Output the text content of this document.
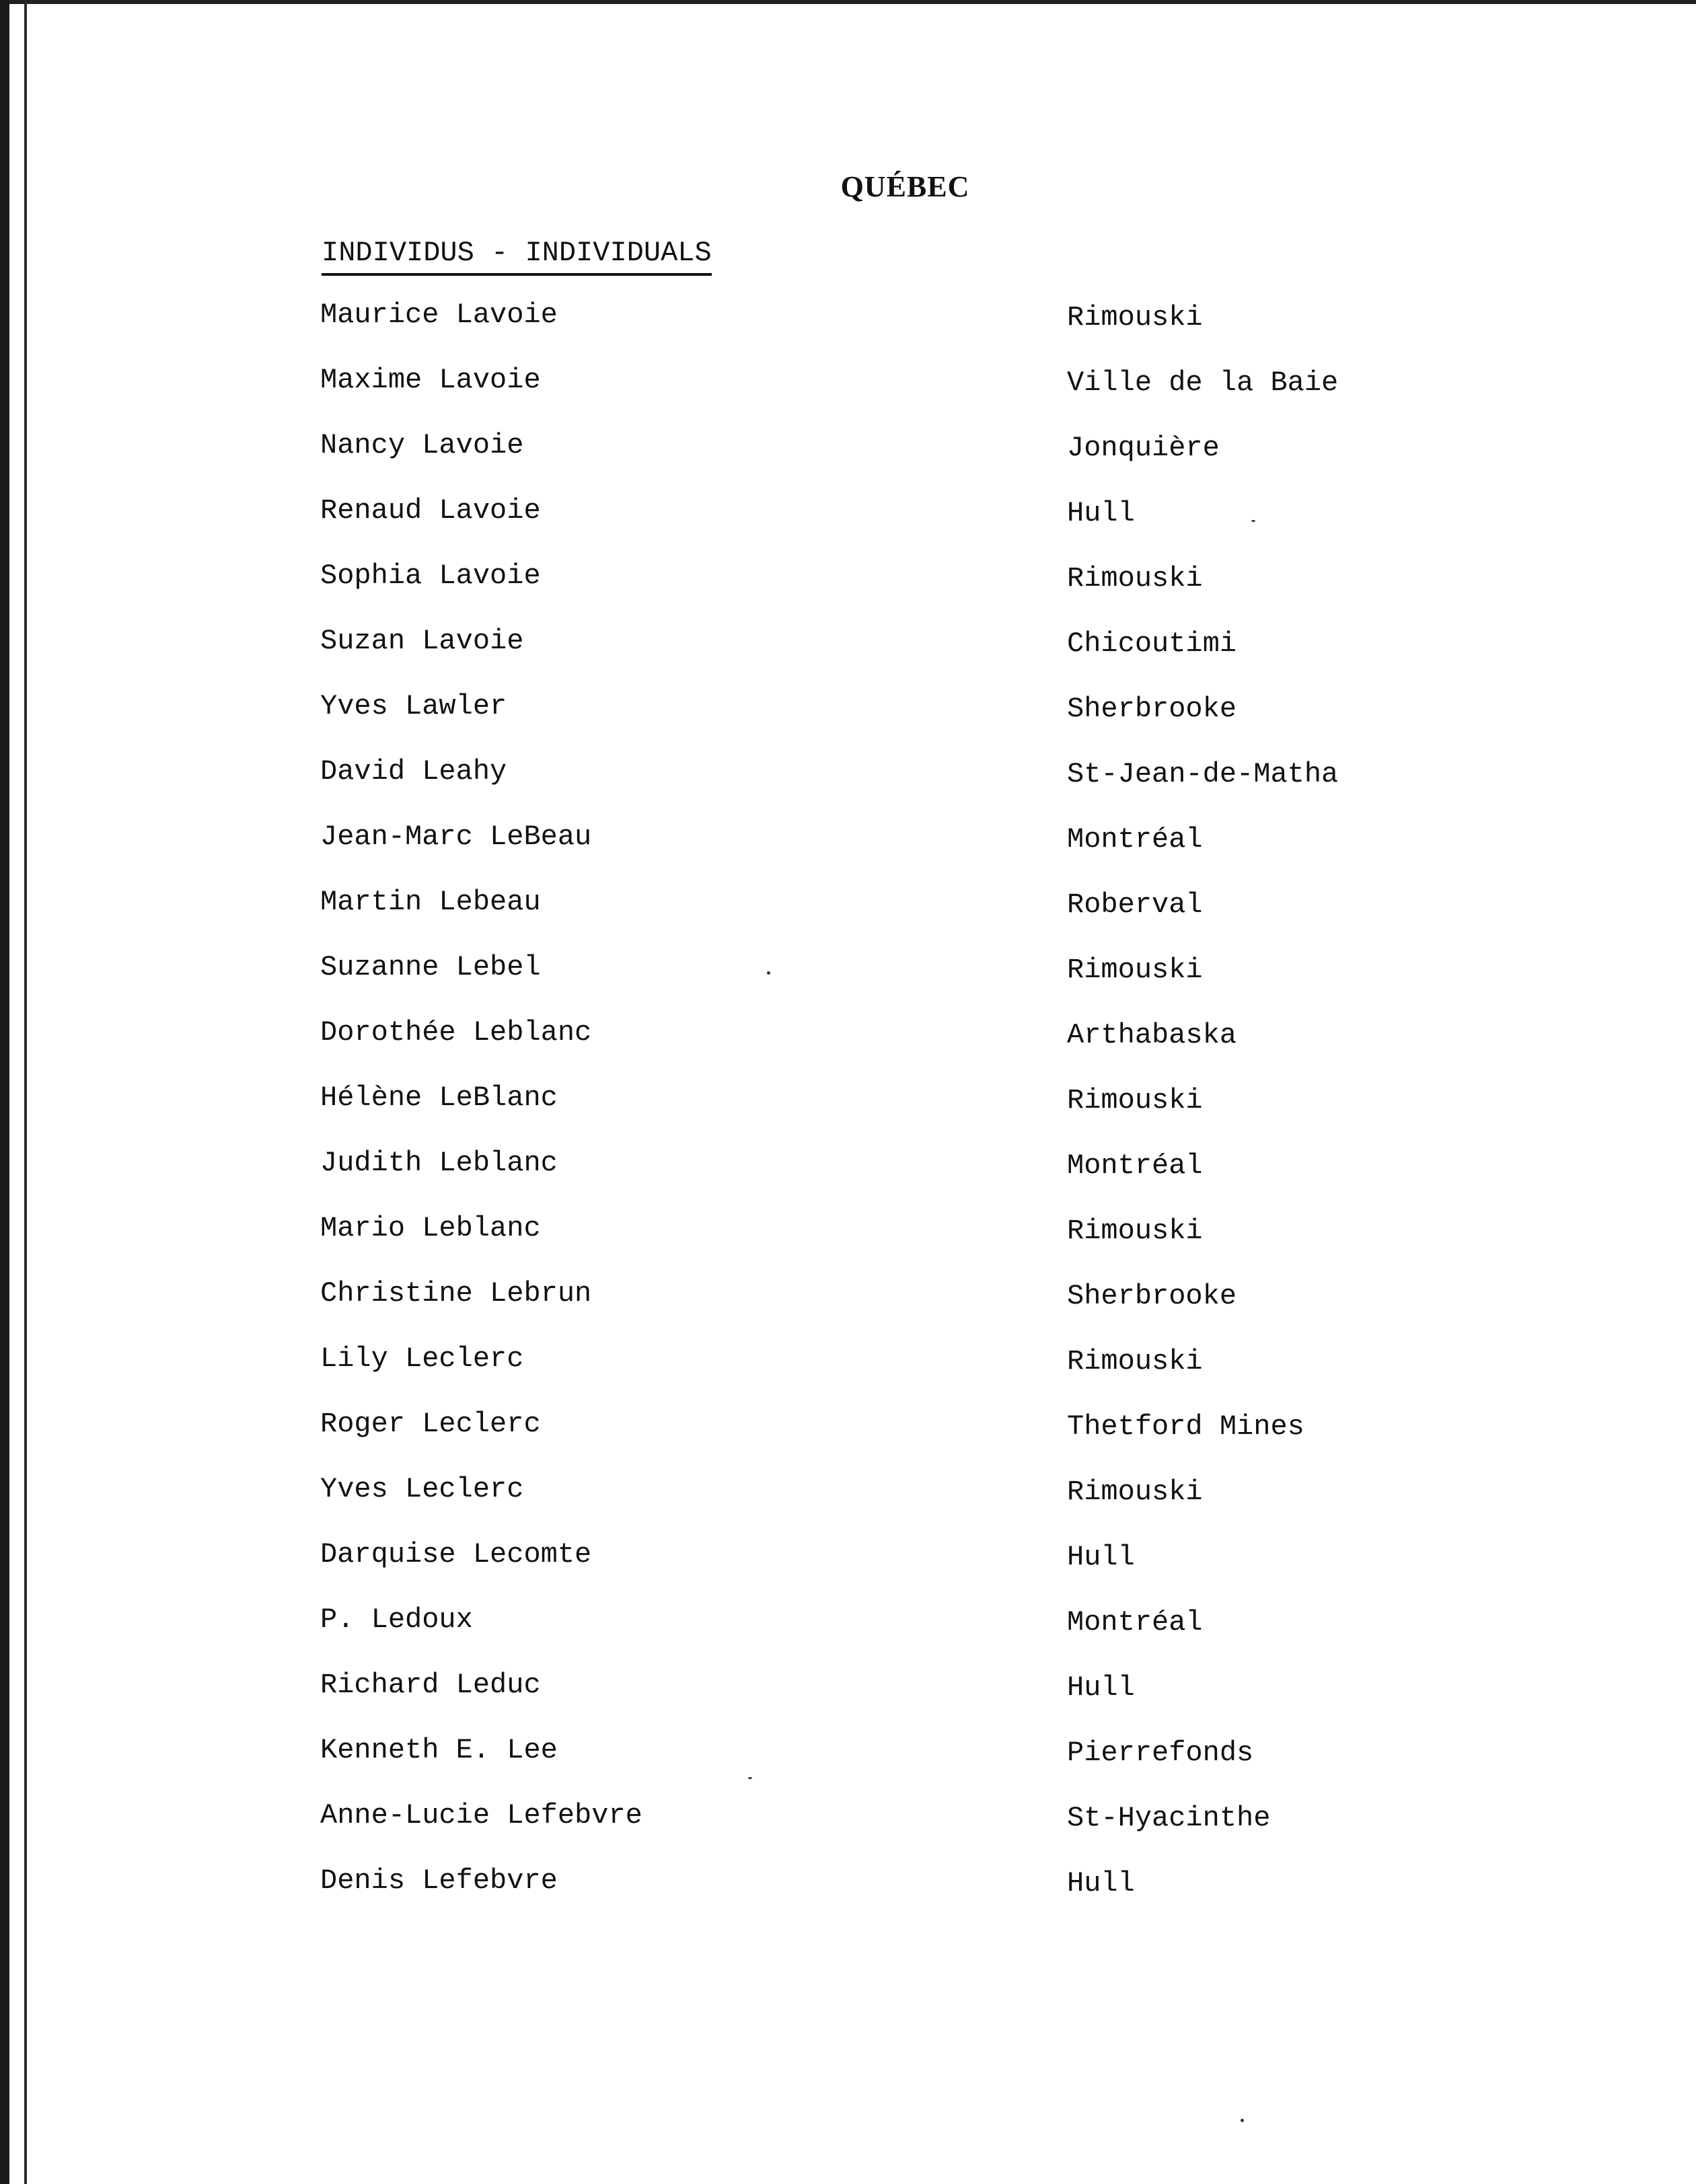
QUÉBEC
INDIVIDUS - INDIVIDUALS
Maurice Lavoie	Rimouski
Maxime Lavoie	Ville de la Baie
Nancy Lavoie	Jonquière
Renaud Lavoie	Hull
Sophia Lavoie	Rimouski
Suzan Lavoie	Chicoutimi
Yves Lawler	Sherbrooke
David Leahy	St-Jean-de-Matha
Jean-Marc LeBeau	Montréal
Martin Lebeau	Roberval
Suzanne Lebel	Rimouski
Dorothée Leblanc	Arthabaska
Hélène LeBlanc	Rimouski
Judith Leblanc	Montréal
Mario Leblanc	Rimouski
Christine Lebrun	Sherbrooke
Lily Leclerc	Rimouski
Roger Leclerc	Thetford Mines
Yves Leclerc	Rimouski
Darquise Lecomte	Hull
P. Ledoux	Montréal
Richard Leduc	Hull
Kenneth E. Lee	Pierrefonds
Anne-Lucie Lefebvre	St-Hyacinthe
Denis Lefebvre	Hull
